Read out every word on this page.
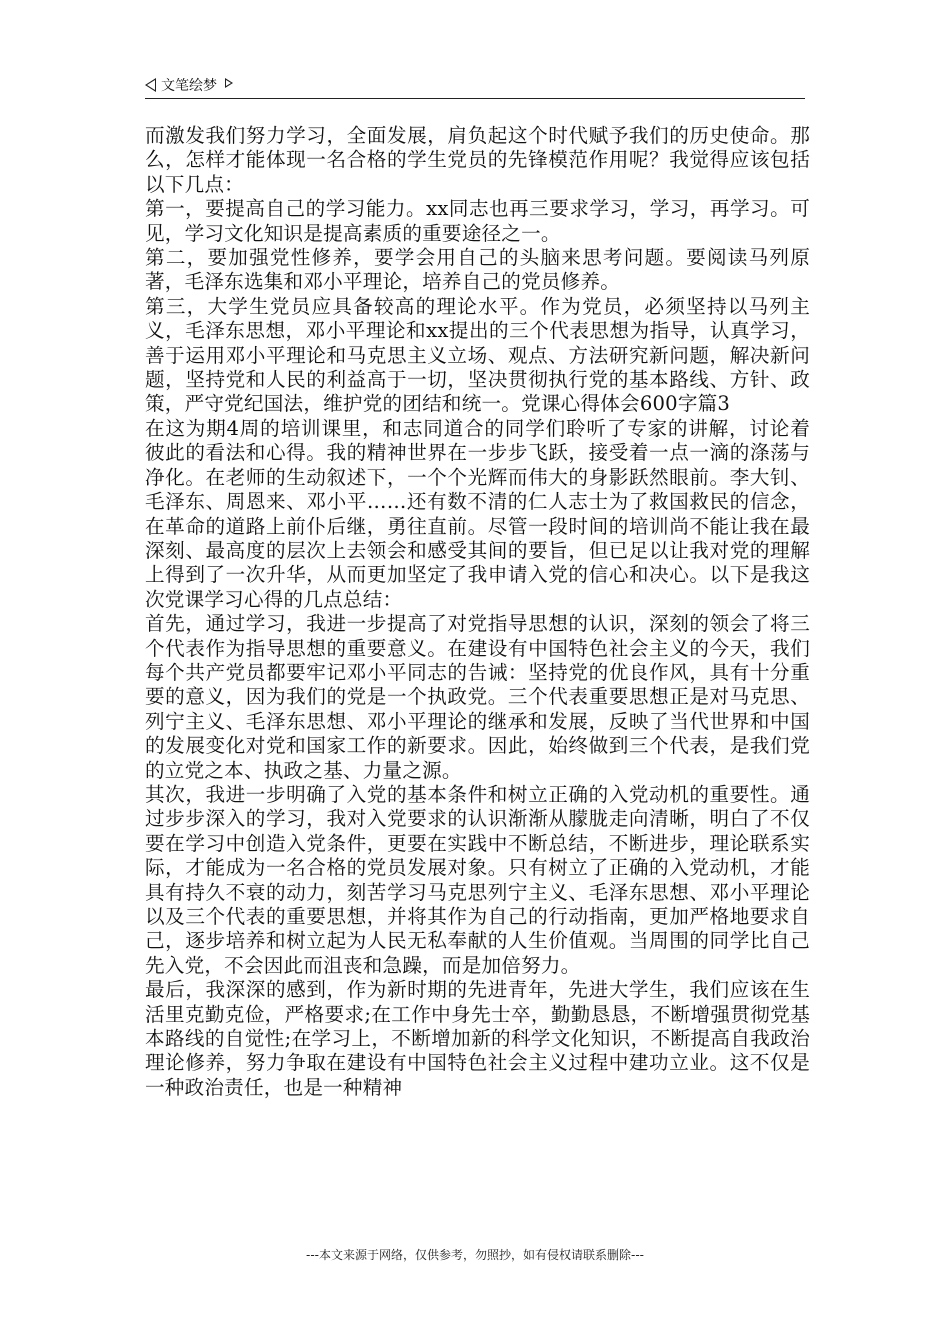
文笔绘梦

而激发我们努力学习，全面发展，肩负起这个时代赋予我们的历史使命。那么，怎样才能体现一名合格的学生党员的先锋模范作用呢？我觉得应该包括以下几点：

第一，要提高自己的学习能力。xx同志也再三要求学习，学习，再学习。可见，学习文化知识是提高素质的重要途径之一。

第二，要加强党性修养，要学会用自己的头脑来思考问题。要阅读马列原著，毛泽东选集和邓小平理论，培养自己的党员修养。

第三，大学生党员应具备较高的理论水平。作为党员，必须坚持以马列主义，毛泽东思想，邓小平理论和xx提出的三个代表思想为指导，认真学习，善于运用邓小平理论和马克思主义立场、观点、方法研究新问题，解决新问题，坚持党和人民的利益高于一切，坚决贯彻执行党的基本路线、方针、政策，严守党纪国法，维护党的团结和统一。党课心得体会600字篇3

在这为期4周的培训课里，和志同道合的同学们聆听了专家的讲解，讨论着彼此的看法和心得。我的精神世界在一步步飞跃，接受着一点一滴的涤荡与净化。在老师的生动叙述下，一个个光辉而伟大的身影跃然眼前。李大钊、毛泽东、周恩来、邓小平……还有数不清的仁人志士为了救国救民的信念，在革命的道路上前仆后继，勇往直前。尽管一段时间的培训尚不能让我在最深刻、最高度的层次上去领会和感受其间的要旨，但已足以让我对党的理解上得到了一次升华，从而更加坚定了我申请入党的信心和决心。以下是我这次党课学习心得的几点总结：

首先，通过学习，我进一步提高了对党指导思想的认识，深刻的领会了将三个代表作为指导思想的重要意义。在建设有中国特色社会主义的今天，我们每个共产党员都要牢记邓小平同志的告诫：坚持党的优良作风，具有十分重要的意义，因为我们的党是一个执政党。三个代表重要思想正是对马克思、列宁主义、毛泽东思想、邓小平理论的继承和发展，反映了当代世界和中国的发展变化对党和国家工作的新要求。因此，始终做到三个代表，是我们党的立党之本、执政之基、力量之源。

其次，我进一步明确了入党的基本条件和树立正确的入党动机的重要性。通过步步深入的学习，我对入党要求的认识渐渐从朦胧走向清晰，明白了不仅要在学习中创造入党条件，更要在实践中不断总结，不断进步，理论联系实际，才能成为一名合格的党员发展对象。只有树立了正确的入党动机，才能具有持久不衰的动力，刻苦学习马克思列宁主义、毛泽东思想、邓小平理论以及三个代表的重要思想，并将其作为自己的行动指南，更加严格地要求自己，逐步培养和树立起为人民无私奉献的人生价值观。当周围的同学比自己先入党，不会因此而沮丧和急躁，而是加倍努力。

最后，我深深的感到，作为新时期的先进青年，先进大学生，我们应该在生活里克勤克俭，严格要求;在工作中身先士卒，勤勤恳恳，不断增强贯彻党基本路线的自觉性;在学习上，不断增加新的科学文化知识，不断提高自我政治理论修养，努力争取在建设有中国特色社会主义过程中建功立业。这不仅是一种政治责任，也是一种精神

---本文来源于网络，仅供参考，勿照抄，如有侵权请联系删除---
